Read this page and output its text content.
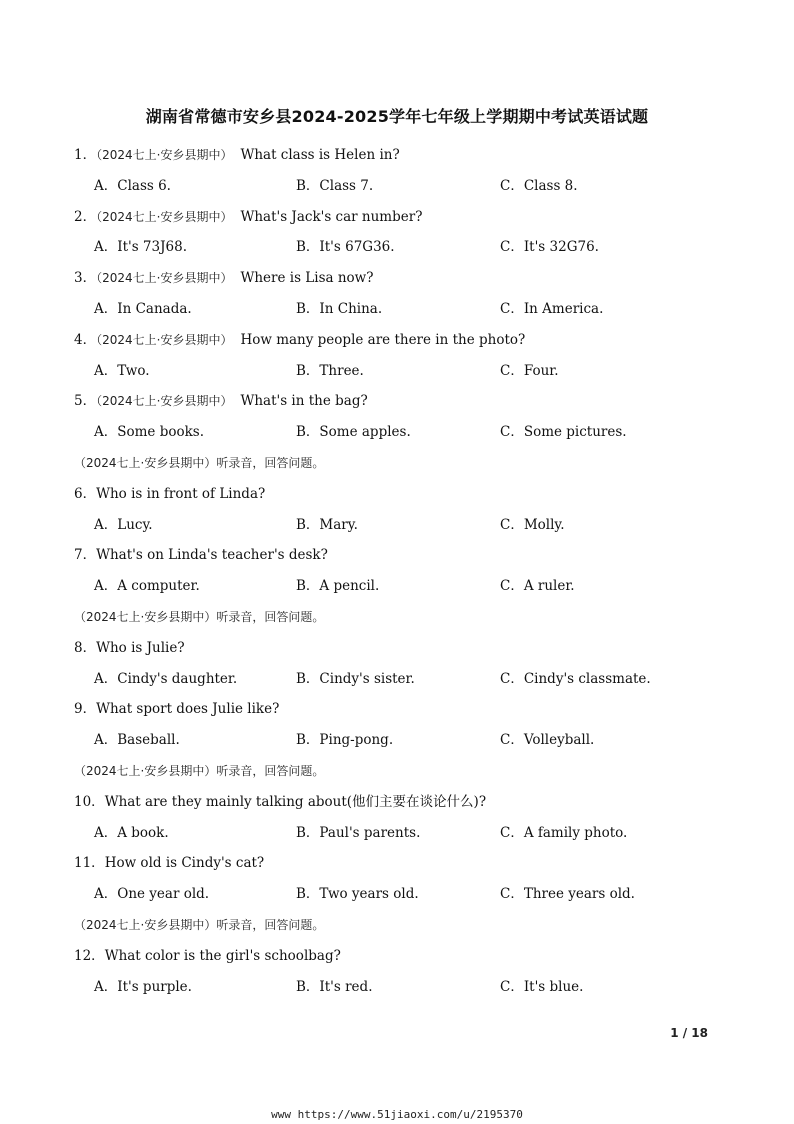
湖南省常德市安乡县2024-2025学年七年级上学期期中考试英语试题
1．（2024七上·安乡县期中） What class is Helen in?
A．Class 6.	B．Class 7.	C．Class 8.
2．（2024七上·安乡县期中） What's Jack's car number?
A．It's 73J68.	B．It's 67G36.	C．It's 32G76.
3．（2024七上·安乡县期中） Where is Lisa now?
A．In Canada.	B．In China.	C．In America.
4．（2024七上·安乡县期中） How many people are there in the photo?
A．Two.	B．Three.	C．Four.
5．（2024七上·安乡县期中） What's in the bag?
A．Some books.	B．Some apples.	C．Some pictures.
（2024七上·安乡县期中）听录音，回答问题。
6．Who is in front of Linda?
A．Lucy.	B．Mary.	C．Molly.
7．What's on Linda's teacher's desk?
A．A computer.	B．A pencil.	C．A ruler.
（2024七上·安乡县期中）听录音，回答问题。
8．Who is Julie?
A．Cindy's daughter.	B．Cindy's sister.	C．Cindy's classmate.
9．What sport does Julie like?
A．Baseball.	B．Ping-pong.	C．Volleyball.
（2024七上·安乡县期中）听录音，回答问题。
10．What are they mainly talking about(他们主要在谈论什么)?
A．A book.	B．Paul's parents.	C．A family photo.
11．How old is Cindy's cat?
A．One year old.	B．Two years old.	C．Three years old.
（2024七上·安乡县期中）听录音，回答问题。
12．What color is the girl's schoolbag?
A．It's purple.	B．It's red.	C．It's blue.
1 / 18
www https://www.51jiaoxi.com/u/2195370
